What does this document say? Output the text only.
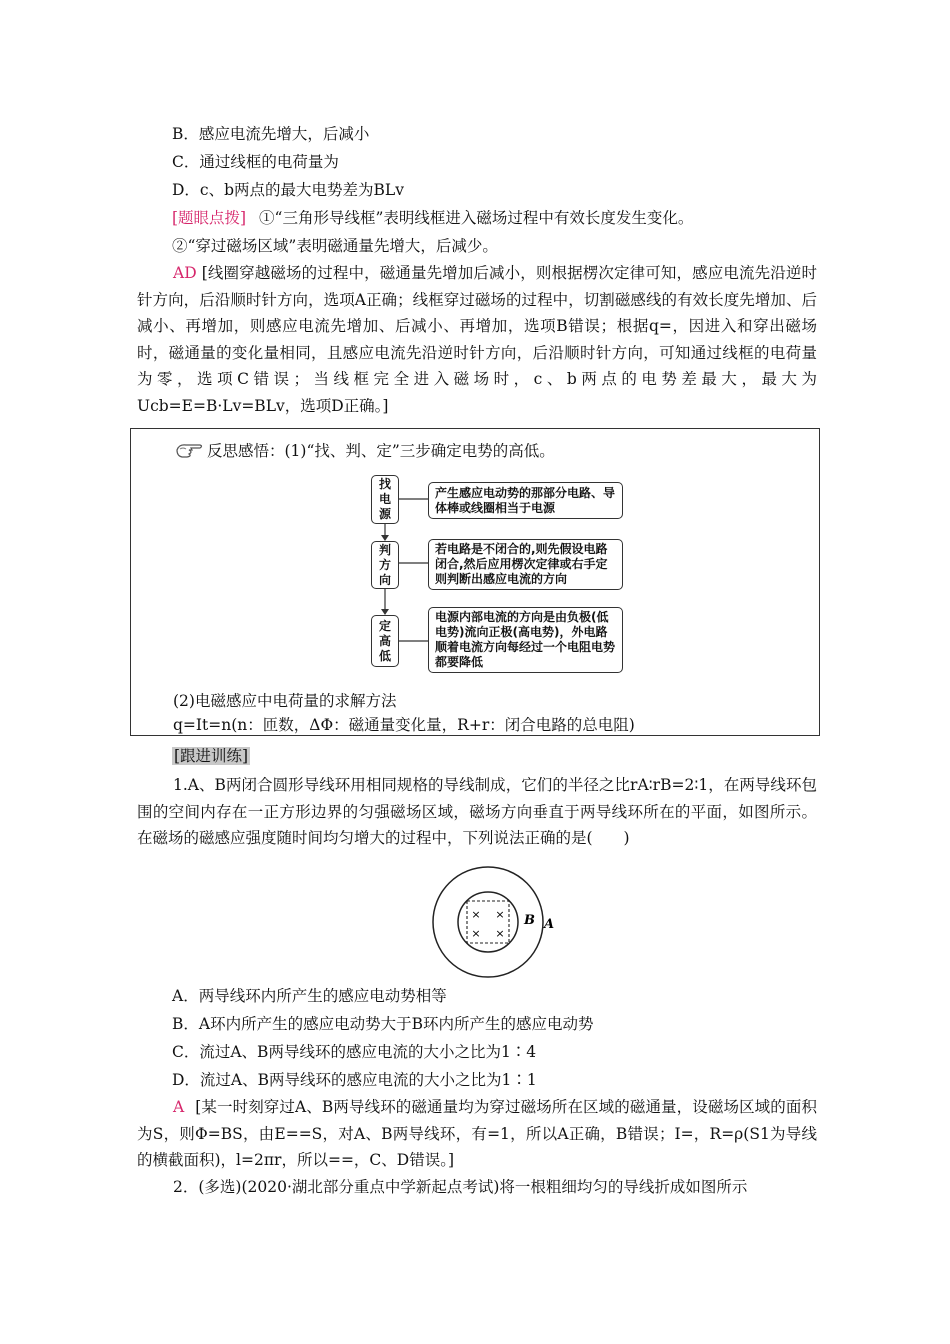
B．感应电流先增大，后减小
C．通过线框的电荷量为
D．c、b两点的最大电势差为BLv
[题眼点拨] ①“三角形导线框”表明线框进入磁场过程中有效长度发生变化。
②“穿过磁场区域”表明磁通量先增大，后减少。
AD [线圈穿越磁场的过程中，磁通量先增加后减小，则根据楞次定律可知，感应电流先沿逆时针方向，后沿顺时针方向，选项A正确；线框穿过磁场的过程中，切割磁感线的有效长度先增加、后减小、再增加，则感应电流先增加、后减小、再增加，选项B错误；根据q=，因进入和穿出磁场时，磁通量的变化量相同，且感应电流先沿逆时针方向，后沿顺时针方向，可知通过线框的电荷量为零，选项C错误；当线框完全进入磁场时，c、b两点的电势差最大，最大为Ucb=E=B·Lv=BLv，选项D正确。]
反思感悟：(1)“找、判、定”三步确定电势的高低。
找
电
源
产生感应电动势的那部分电路、导体棒或线圈相当于电源
判
方
向
若电路是不闭合的,则先假设电路闭合,然后应用楞次定律或右手定则判断出感应电流的方向
定
高
低
电源内部电流的方向是由负极(低电势)流向正极(高电势)，外电路顺着电流方向每经过一个电阻电势都要降低
(2)电磁感应中电荷量的求解方法
q=It=n(n：匝数，ΔΦ：磁通量变化量，R+r：闭合电路的总电阻)
[跟进训练]
1.A、B两闭合圆形导线环用相同规格的导线制成，它们的半径之比rA∶rB=2∶1，在两导线环包围的空间内存在一正方形边界的匀强磁场区域，磁场方向垂直于两导线环所在的平面，如图所示。在磁场的磁感应强度随时间均匀增大的过程中，下列说法正确的是(　　)
× ×
× ×
B A
A．两导线环内所产生的感应电动势相等
B．A环内所产生的感应电动势大于B环内所产生的感应电动势
C．流过A、B两导线环的感应电流的大小之比为1∶4
D．流过A、B两导线环的感应电流的大小之比为1∶1
A [某一时刻穿过A、B两导线环的磁通量均为穿过磁场所在区域的磁通量，设磁场区域的面积为S，则Φ=BS，由E==S，对A、B两导线环，有=1，所以A正确，B错误；I=，R=ρ(S1为导线的横截面积)，l=2πr，所以==，C、D错误。]
2．(多选)(2020·湖北部分重点中学新起点考试)将一根粗细均匀的导线折成如图所示
